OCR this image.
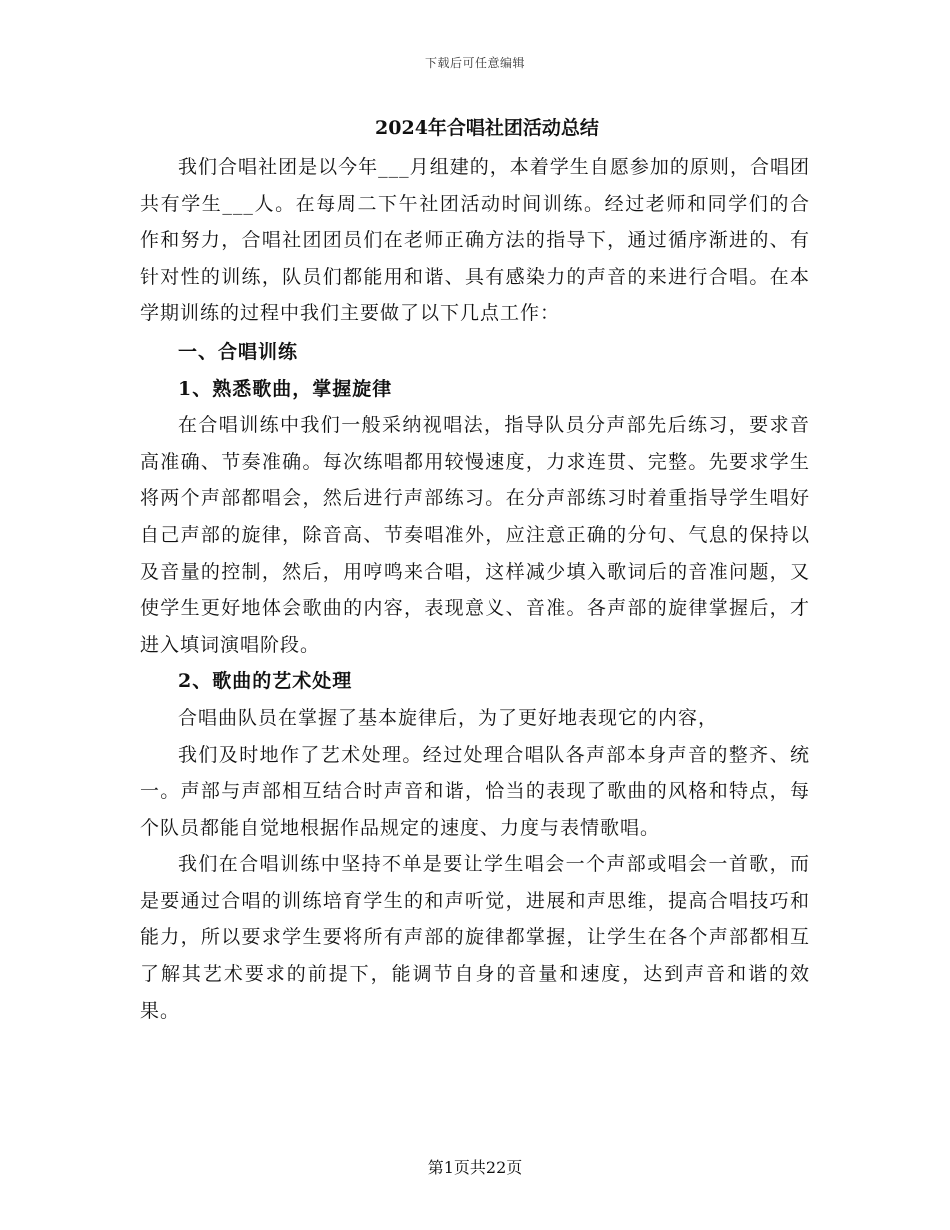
下载后可任意编辑
2024年合唱社团活动总结

我们合唱社团是以今年___月组建的，本着学生自愿参加的原则，合唱团共有学生___人。在每周二下午社团活动时间训练。经过老师和同学们的合作和努力，合唱社团团员们在老师正确方法的指导下，通过循序渐进的、有针对性的训练，队员们都能用和谐、具有感染力的声音的来进行合唱。在本学期训练的过程中我们主要做了以下几点工作：

一、合唱训练

1、熟悉歌曲，掌握旋律

在合唱训练中我们一般采纳视唱法，指导队员分声部先后练习，要求音高准确、节奏准确。每次练唱都用较慢速度，力求连贯、完整。先要求学生将两个声部都唱会，然后进行声部练习。在分声部练习时着重指导学生唱好自己声部的旋律，除音高、节奏唱准外，应注意正确的分句、气息的保持以及音量的控制，然后，用哼鸣来合唱，这样减少填入歌词后的音准问题，又使学生更好地体会歌曲的内容，表现意义、音准。各声部的旋律掌握后，才进入填词演唱阶段。

2、歌曲的艺术处理

合唱曲队员在掌握了基本旋律后，为了更好地表现它的内容，

我们及时地作了艺术处理。经过处理合唱队各声部本身声音的整齐、统一。声部与声部相互结合时声音和谐，恰当的表现了歌曲的风格和特点，每个队员都能自觉地根据作品规定的速度、力度与表情歌唱。

我们在合唱训练中坚持不单是要让学生唱会一个声部或唱会一首歌，而是要通过合唱的训练培育学生的和声听觉，进展和声思维，提高合唱技巧和能力，所以要求学生要将所有声部的旋律都掌握，让学生在各个声部都相互了解其艺术要求的前提下，能调节自身的音量和速度，达到声音和谐的效果。

第1页共22页
